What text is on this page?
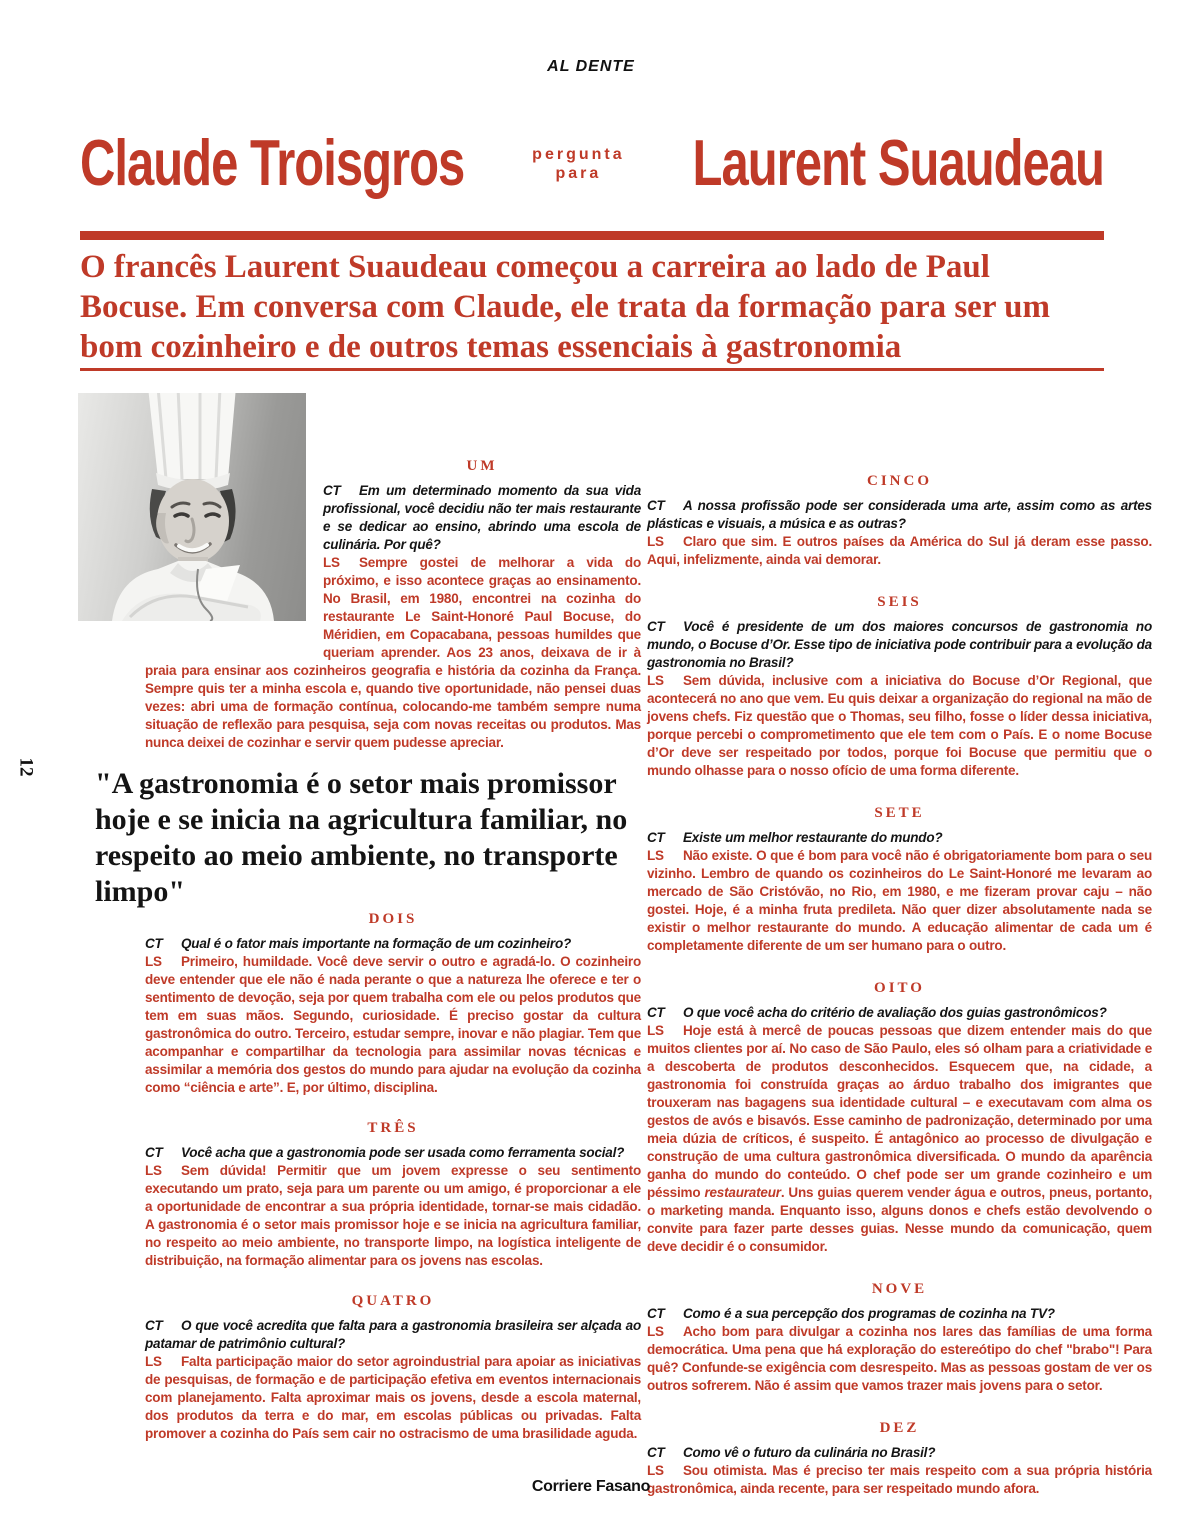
AL DENTE
Claude Troisgros	pergunta
para Laurent Suaudeau
O francês Laurent Suaudeau começou a carreira ao lado de Paul Bocuse. Em conversa com Claude, ele trata da formação para ser um bom cozinheiro e de outros temas essenciais à gastronomia
12
UM

CT Em um determinado momento da sua vida profissional, você decidiu não ter mais restaurante e se dedicar ao ensino, abrindo uma escola de culinária. Por quê?

LS Sempre gostei de melhorar a vida do próximo, e isso acontece graças ao ensinamento. No Brasil, em 1980, encontrei na cozinha do restaurante Le Saint-Honoré Paul Bocuse, do Méridien, em Copacabana, pessoas humildes que queriam aprender. Aos 23 anos, deixava de ir à praia para ensinar aos cozinheiros geografia e história da cozinha da França. Sempre quis ter a minha escola e, quando tive oportunidade, não pensei duas vezes: abri uma de formação contínua, colocando-me também sempre numa situação de reflexão para pesquisa, seja com novas receitas ou produtos. Mas nunca deixei de cozinhar e servir quem pudesse apreciar.

"A gastronomia é o setor mais promissor hoje e se inicia na agricultura familiar, no respeito ao meio ambiente, no transporte limpo"
DOIS

CT Qual é o fator mais importante na formação de um cozinheiro?

LS Primeiro, humildade. Você deve servir o outro e agradá-lo. O cozinheiro deve entender que ele não é nada perante o que a natureza lhe oferece e ter o sentimento de devoção, seja por quem trabalha com ele ou pelos produtos que tem em suas mãos. Segundo, curiosidade. É preciso gostar da cultura gastronômica do outro. Terceiro, estudar sempre, inovar e não plagiar. Tem que acompanhar e compartilhar da tecnologia para assimilar novas técnicas e assimilar a memória dos gestos do mundo para ajudar na evolução da cozinha como “ciência e arte”. E, por último, disciplina.

TRÊS

CT Você acha que a gastronomia pode ser usada como ferramenta social?

LS Sem dúvida! Permitir que um jovem expresse o seu sentimento executando um prato, seja para um parente ou um amigo, é proporcionar a ele a oportunidade de encontrar a sua própria identidade, tornar-se mais cidadão. A gastronomia é o setor mais promissor hoje e se inicia na agricultura familiar, no respeito ao meio ambiente, no transporte limpo, na logística inteligente de distribuição, na formação alimentar para os jovens nas escolas.

QUATRO

CT O que você acredita que falta para a gastronomia brasileira ser alçada ao patamar de patrimônio cultural?

LS Falta participação maior do setor agroindustrial para apoiar as iniciativas de pesquisas, de formação e de participação efetiva em eventos internacionais com planejamento. Falta aproximar mais os jovens, desde a escola maternal, dos produtos da terra e do mar, em escolas públicas ou privadas. Falta promover a cozinha do País sem cair no ostracismo de uma brasilidade aguda.

CINCO

CT A nossa profissão pode ser considerada uma arte, assim como as artes plásticas e visuais, a música e as outras?

LS Claro que sim. E outros países da América do Sul já deram esse passo. Aqui, infelizmente, ainda vai demorar.

SEIS

CT Você é presidente de um dos maiores concursos de gastronomia no mundo, o Bocuse d’Or. Esse tipo de iniciativa pode contribuir para a evolução da gastronomia no Brasil?

LS Sem dúvida, inclusive com a iniciativa do Bocuse d’Or Regional, que acontecerá no ano que vem. Eu quis deixar a organização do regional na mão de jovens chefs. Fiz questão que o Thomas, seu filho, fosse o líder dessa iniciativa, porque percebi o comprometimento que ele tem com o País. E o nome Bocuse d’Or deve ser respeitado por todos, porque foi Bocuse que permitiu que o mundo olhasse para o nosso ofício de uma forma diferente.

SETE

CT Existe um melhor restaurante do mundo?

LS Não existe. O que é bom para você não é obrigatoriamente bom para o seu vizinho. Lembro de quando os cozinheiros do Le Saint-Honoré me levaram ao mercado de São Cristóvão, no Rio, em 1980, e me fizeram provar caju – não gostei. Hoje, é a minha fruta predileta. Não quer dizer absolutamente nada se existir o melhor restaurante do mundo. A educação alimentar de cada um é completamente diferente de um ser humano para o outro.

OITO

CT O que você acha do critério de avaliação dos guias gastronômicos?

LS Hoje está à mercê de poucas pessoas que dizem entender mais do que muitos clientes por aí. No caso de São Paulo, eles só olham para a criatividade e a descoberta de produtos desconhecidos. Esquecem que, na cidade, a gastronomia foi construída graças ao árduo trabalho dos imigrantes que trouxeram nas bagagens sua identidade cultural – e executavam com alma os gestos de avós e bisavós. Esse caminho de padronização, determinado por uma meia dúzia de críticos, é suspeito. É antagônico ao processo de divulgação e construção de uma cultura gastronômica diversificada. O mundo da aparência ganha do mundo do conteúdo. O chef pode ser um grande cozinheiro e um péssimo restaurateur. Uns guias querem vender água e outros, pneus, portanto, o marketing manda. Enquanto isso, alguns donos e chefs estão devolvendo o convite para fazer parte desses guias. Nesse mundo da comunicação, quem deve decidir é o consumidor.

NOVE

CT Como é a sua percepção dos programas de cozinha na TV?

LS Acho bom para divulgar a cozinha nos lares das famílias de uma forma democrática. Uma pena que há exploração do estereótipo do chef "brabo"! Para quê? Confunde-se exigência com desrespeito. Mas as pessoas gostam de ver os outros sofrerem. Não é assim que vamos trazer mais jovens para o setor.

DEZ

CT Como vê o futuro da culinária no Brasil?

LS Sou otimista. Mas é preciso ter mais respeito com a sua própria história gastronômica, ainda recente, para ser respeitado mundo afora.

Corriere Fasano
